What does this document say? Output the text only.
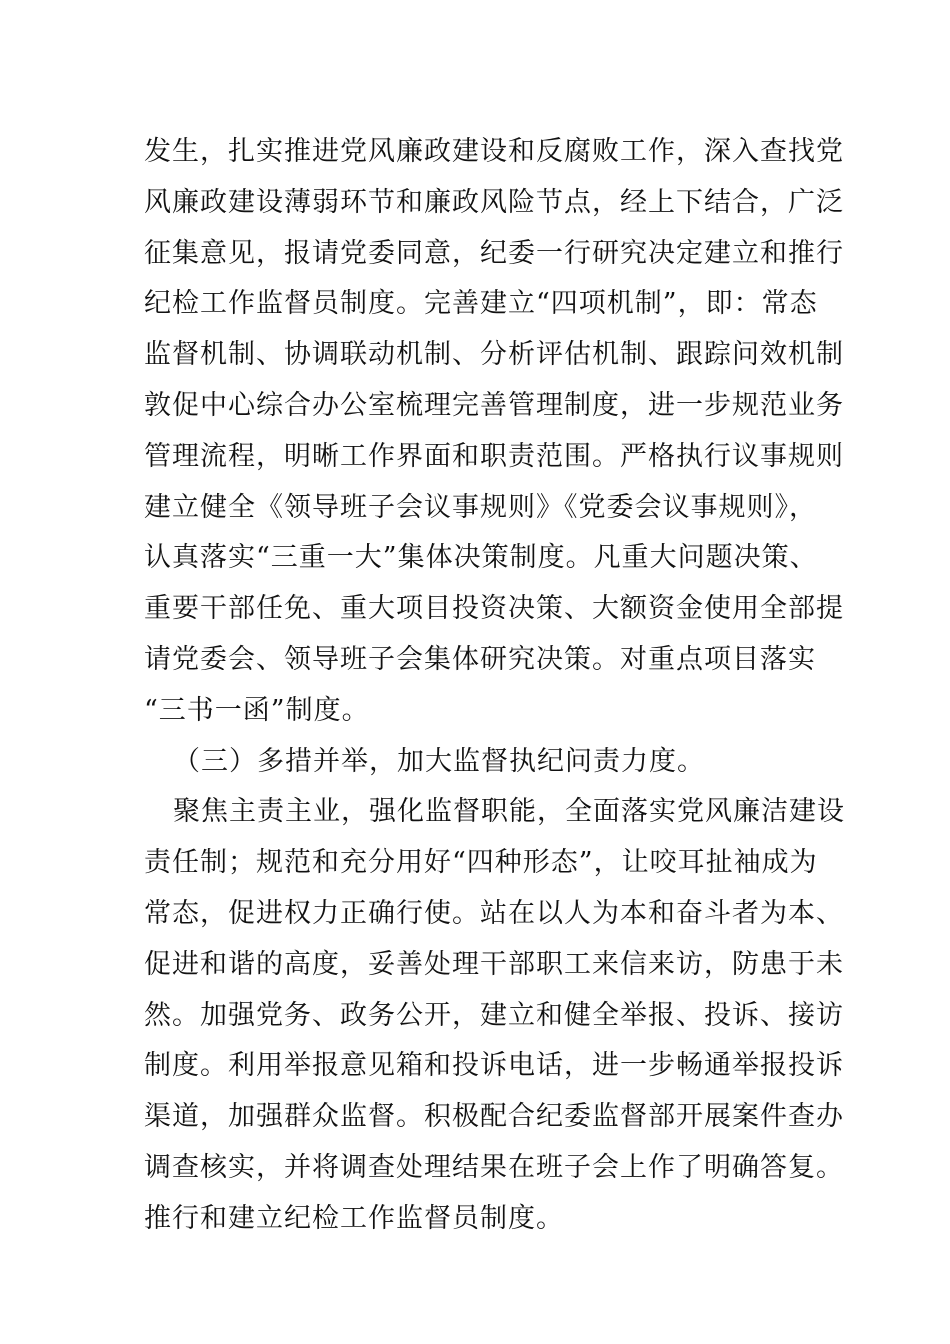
发生，扎实推进党风廉政建设和反腐败工作，深入查找党
风廉政建设薄弱环节和廉政风险节点，经上下结合，广泛
征集意见，报请党委同意，纪委一行研究决定建立和推行
纪检工作监督员制度。完善建立“四项机制”，即：常态
监督机制、协调联动机制、分析评估机制、跟踪问效机制
敦促中心综合办公室梳理完善管理制度，进一步规范业务
管理流程，明晰工作界面和职责范围。严格执行议事规则
建立健全《领导班子会议事规则》《党委会议事规则》，
认真落实“三重一大”集体决策制度。凡重大问题决策、
重要干部任免、重大项目投资决策、大额资金使用全部提
请党委会、领导班子会集体研究决策。对重点项目落实
“三书一函”制度。
（三）多措并举，加大监督执纪问责力度。
聚焦主责主业，强化监督职能，全面落实党风廉洁建设
责任制；规范和充分用好“四种形态”，让咬耳扯袖成为
常态，促进权力正确行使。站在以人为本和奋斗者为本、
促进和谐的高度，妥善处理干部职工来信来访，防患于未
然。加强党务、政务公开，建立和健全举报、投诉、接访
制度。利用举报意见箱和投诉电话，进一步畅通举报投诉
渠道，加强群众监督。积极配合纪委监督部开展案件查办
调查核实，并将调查处理结果在班子会上作了明确答复。
推行和建立纪检工作监督员制度。
